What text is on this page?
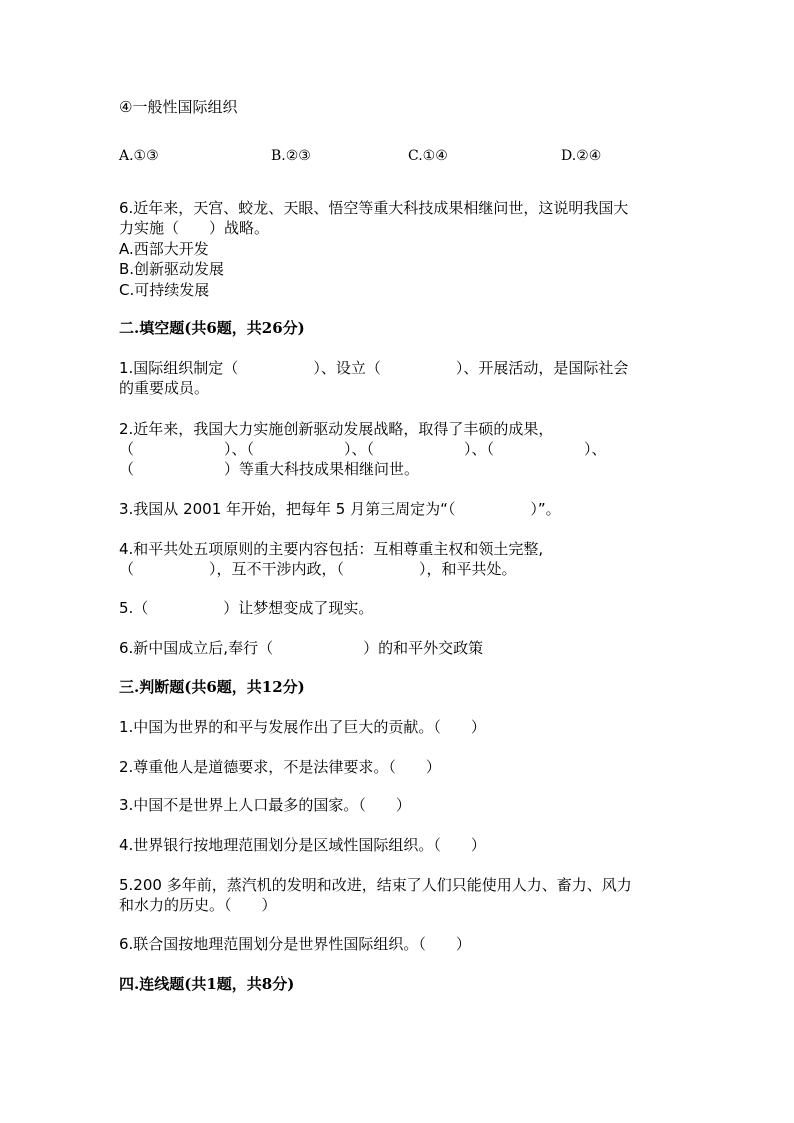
④一般性国际组织
A.①③	B.②③	C.①④	D.②④
6.近年来，天宫、蛟龙、天眼、悟空等重大科技成果相继问世，这说明我国大
力实施（　　）战略。
A.西部大开发
B.创新驱动发展
C.可持续发展
二.填空题(共6题，共26分)
1.国际组织制定（　　　　　）、设立（　　　　　）、开展活动，是国际社会
的重要成员。
2.近年来，我国大力实施创新驱动发展战略，取得了丰硕的成果，
（　　　　　　）、（　　　　　　）、（　　　　　　）、（　　　　　　）、
（　　　　　　）等重大科技成果相继问世。
3.我国从 2001 年开始，把每年 5 月第三周定为“（　　　　　）”。
4.和平共处五项原则的主要内容包括：互相尊重主权和领土完整,
（　　　　　），互不干涉内政，（　　　　　），和平共处。
5.（　　　　　）让梦想变成了现实。
6.新中国成立后,奉行（　　　　　　）的和平外交政策
三.判断题(共6题，共12分)
1.中国为世界的和平与发展作出了巨大的贡献。（　　）
2.尊重他人是道德要求，不是法律要求。（　　）
3.中国不是世界上人口最多的国家。（　　）
4.世界银行按地理范围划分是区域性国际组织。（　　）
5.200 多年前，蒸汽机的发明和改进，结束了人们只能使用人力、畜力、风力
和水力的历史。（　　）
6.联合国按地理范围划分是世界性国际组织。（　　）
四.连线题(共1题，共8分)
